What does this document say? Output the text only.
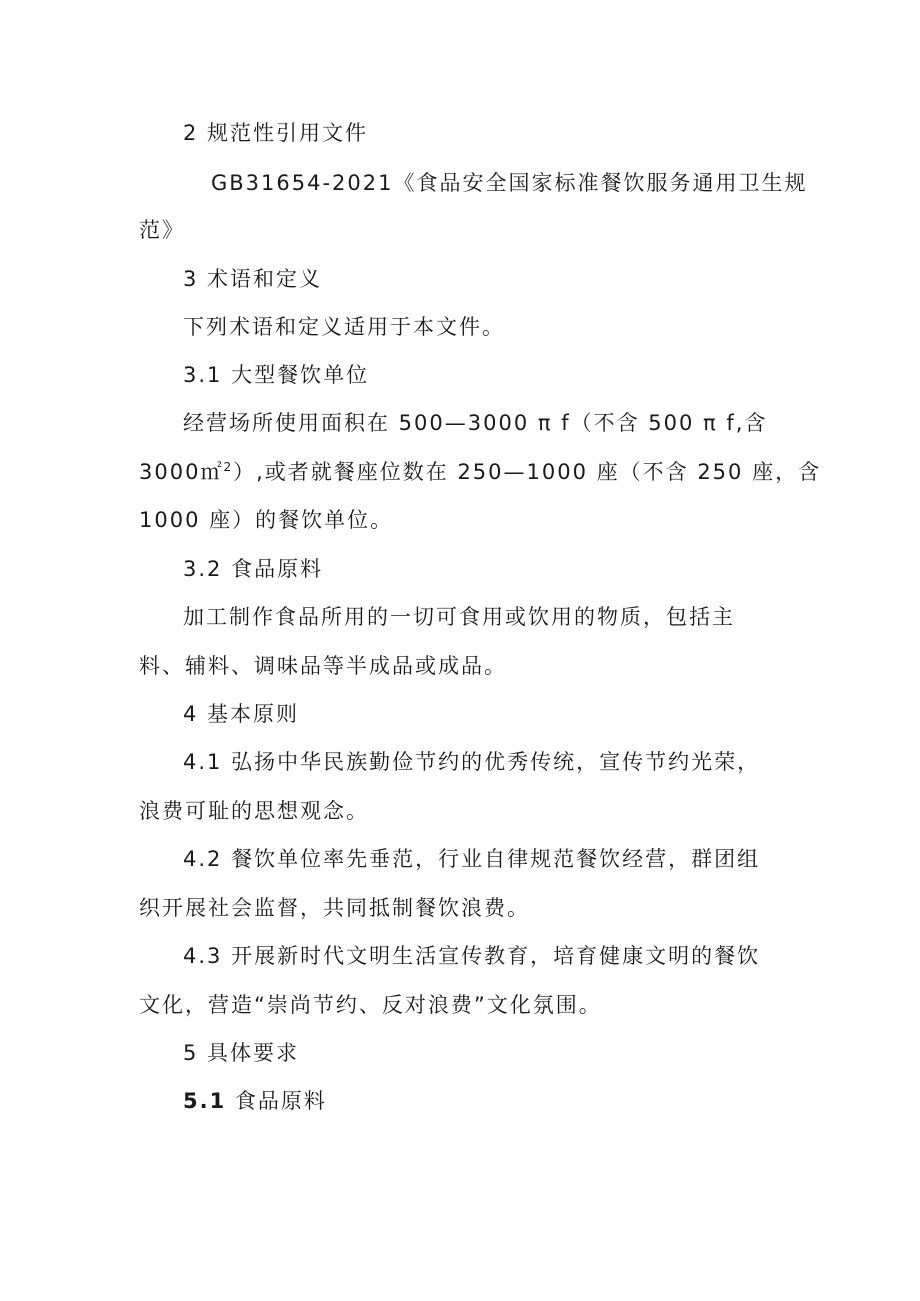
2 规范性引用文件
GB31654-2021《食品安全国家标准餐饮服务通用卫生规
范》
3 术语和定义
下列术语和定义适用于本文件。
3.1 大型餐饮单位
经营场所使用面积在 500—3000 π f（不含 500 π f,含
3000㎡$^2$）,或者就餐座位数在 250—1000 座（不含 250 座，含
1000 座）的餐饮单位。
3.2 食品原料
加工制作食品所用的一切可食用或饮用的物质，包括主
料、辅料、调味品等半成品或成品。
4 基本原则
4.1 弘扬中华民族勤俭节约的优秀传统，宣传节约光荣，
浪费可耻的思想观念。
4.2 餐饮单位率先垂范，行业自律规范餐饮经营，群团组
织开展社会监督，共同抵制餐饮浪费。
4.3 开展新时代文明生活宣传教育，培育健康文明的餐饮
文化，营造“崇尚节约、反对浪费”文化氛围。
5 具体要求
5.1 食品原料
